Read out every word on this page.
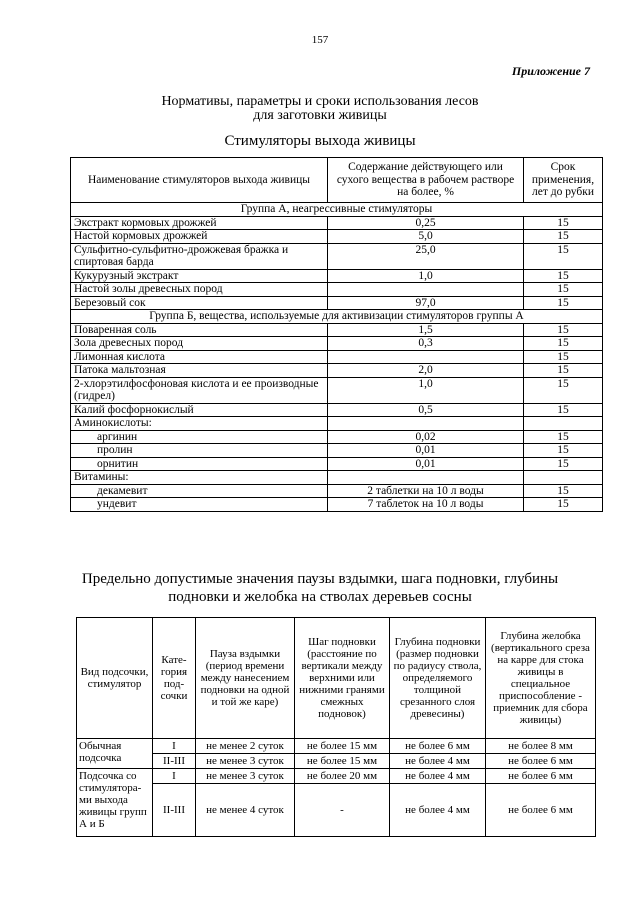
157
Приложение 7
Нормативы, параметры и сроки использования лесов
для заготовки живицы
Стимуляторы выхода живицы
Наименование стимуляторов выхода живицы	Содержание действующего или сухого вещества в рабочем растворе на более, %	Срок применения, лет до рубки
Группа А, неагрессивные стимуляторы		
Экстракт кормовых дрожжей	0,25	15
Настой кормовых дрожжей	5,0	15
Сульфитно-сульфитно-дрожжевая бражка и спиртовая барда	25,0	15
Кукурузный экстракт	1,0	15
Настой золы древесных пород		15
Березовый сок	97,0	15
Группа Б, вещества, используемые для активизации стимуляторов группы А		
Поваренная соль	1,5	15
Зола древесных пород	0,3	15
Лимонная кислота		15
Патока мальтозная	2,0	15
2-хлорэтилфосфоновая кислота и ее производные (гидрел)	1,0	15
Калий фосфорнокислый	0,5	15
Аминокислоты:		
аргинин	0,02	15
пролин	0,01	15
орнитин	0,01	15
Витамины:		
декамевит	2 таблетки на 10 л воды	15
ундевит	7 таблеток на 10 л воды	15
Предельно допустимые значения паузы вздымки, шага подновки, глубины
подновки и желобка на стволах деревьев сосны
Вид подсочки, стимулятор	Кате-гория под-сочки	Пауза вздымки (период времени между нанесением подновки на одной и той же каре)	Шаг подновки (расстояние по вертикали между верхними или нижними гранями смежных подновок)	Глубина подновки (размер подновки по радиусу ствола, определяемого толщиной срезанного слоя древесины)	Глубина желобка (вертикального среза на карре для стока живицы в специальное приспособление - приемник для сбора живицы)
Обычная подсочка	I	не менее 2 суток	не более 15 мм	не более 6 мм	не более 8 мм
	II-III	не менее 3 суток	не более 15 мм	не более 4 мм	не более 6 мм
Подсочка со стимулятора-ми выхода живицы групп А и Б	I	не менее 3 суток	не более 20 мм	не более 4 мм	не более 6 мм
	II-III	не менее 4 суток	-	не более 4 мм	не более 6 мм
